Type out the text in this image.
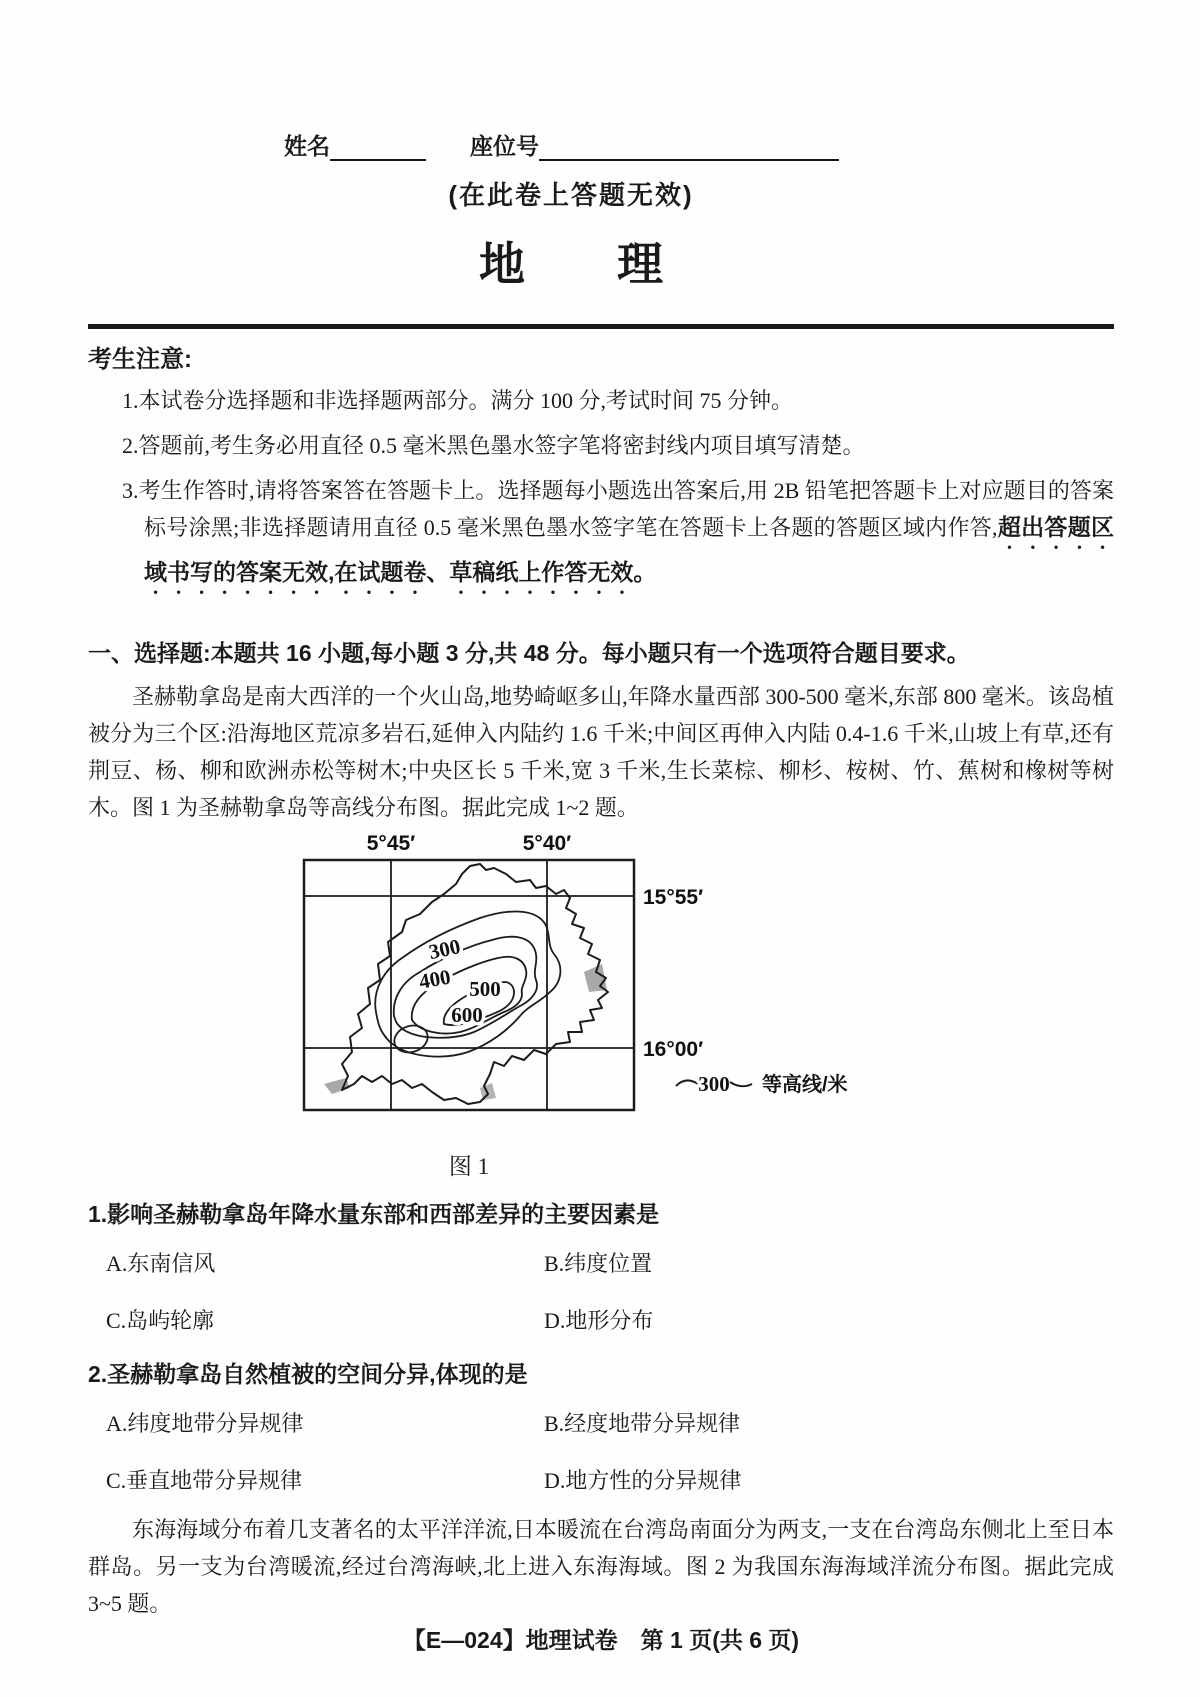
姓名	座位号
(在此卷上答题无效)
地　　理
考生注意:

1.本试卷分选择题和非选择题两部分。满分 100 分,考试时间 75 分钟。

2.答题前,考生务必用直径 0.5 毫米黑色墨水签字笔将密封线内项目填写清楚。

3.考生作答时,请将答案答在答题卡上。选择题每小题选出答案后,用 2B 铅笔把答题卡上对应题目的答案标号涂黑;非选择题请用直径 0.5 毫米黑色墨水签字笔在答题卡上各题的答题区域内作答,超出答题区域书写的答案无效,在试题卷、草稿纸上作答无效。

一、选择题:本题共 16 小题,每小题 3 分,共 48 分。每小题只有一个选项符合题目要求。

圣赫勒拿岛是南大西洋的一个火山岛,地势崎岖多山,年降水量西部 300-500 毫米,东部 800 毫米。该岛植被分为三个区:沿海地区荒凉多岩石,延伸入内陆约 1.6 千米;中间区再伸入内陆 0.4-1.6 千米,山坡上有草,还有荆豆、杨、柳和欧洲赤松等树木;中央区长 5 千米,宽 3 千米,生长菜棕、柳杉、桉树、竹、蕉树和橡树等树木。图 1 为圣赫勒拿岛等高线分布图。据此完成 1~2 题。

300
400 500
600
5°45′	5°40′
15°55′
16°00′
300 等高线/米
图 1
1.影响圣赫勒拿岛年降水量东部和西部差异的主要因素是
A.东南信风	B.纬度位置
C.岛屿轮廓	D.地形分布
2.圣赫勒拿岛自然植被的空间分异,体现的是
A.纬度地带分异规律	B.经度地带分异规律
C.垂直地带分异规律	D.地方性的分异规律

东海海域分布着几支著名的太平洋洋流,日本暖流在台湾岛南面分为两支,一支在台湾岛东侧北上至日本群岛。另一支为台湾暖流,经过台湾海峡,北上进入东海海域。图 2 为我国东海海域洋流分布图。据此完成 3~5 题。

【E—024】地理试卷　第 1 页(共 6 页)
